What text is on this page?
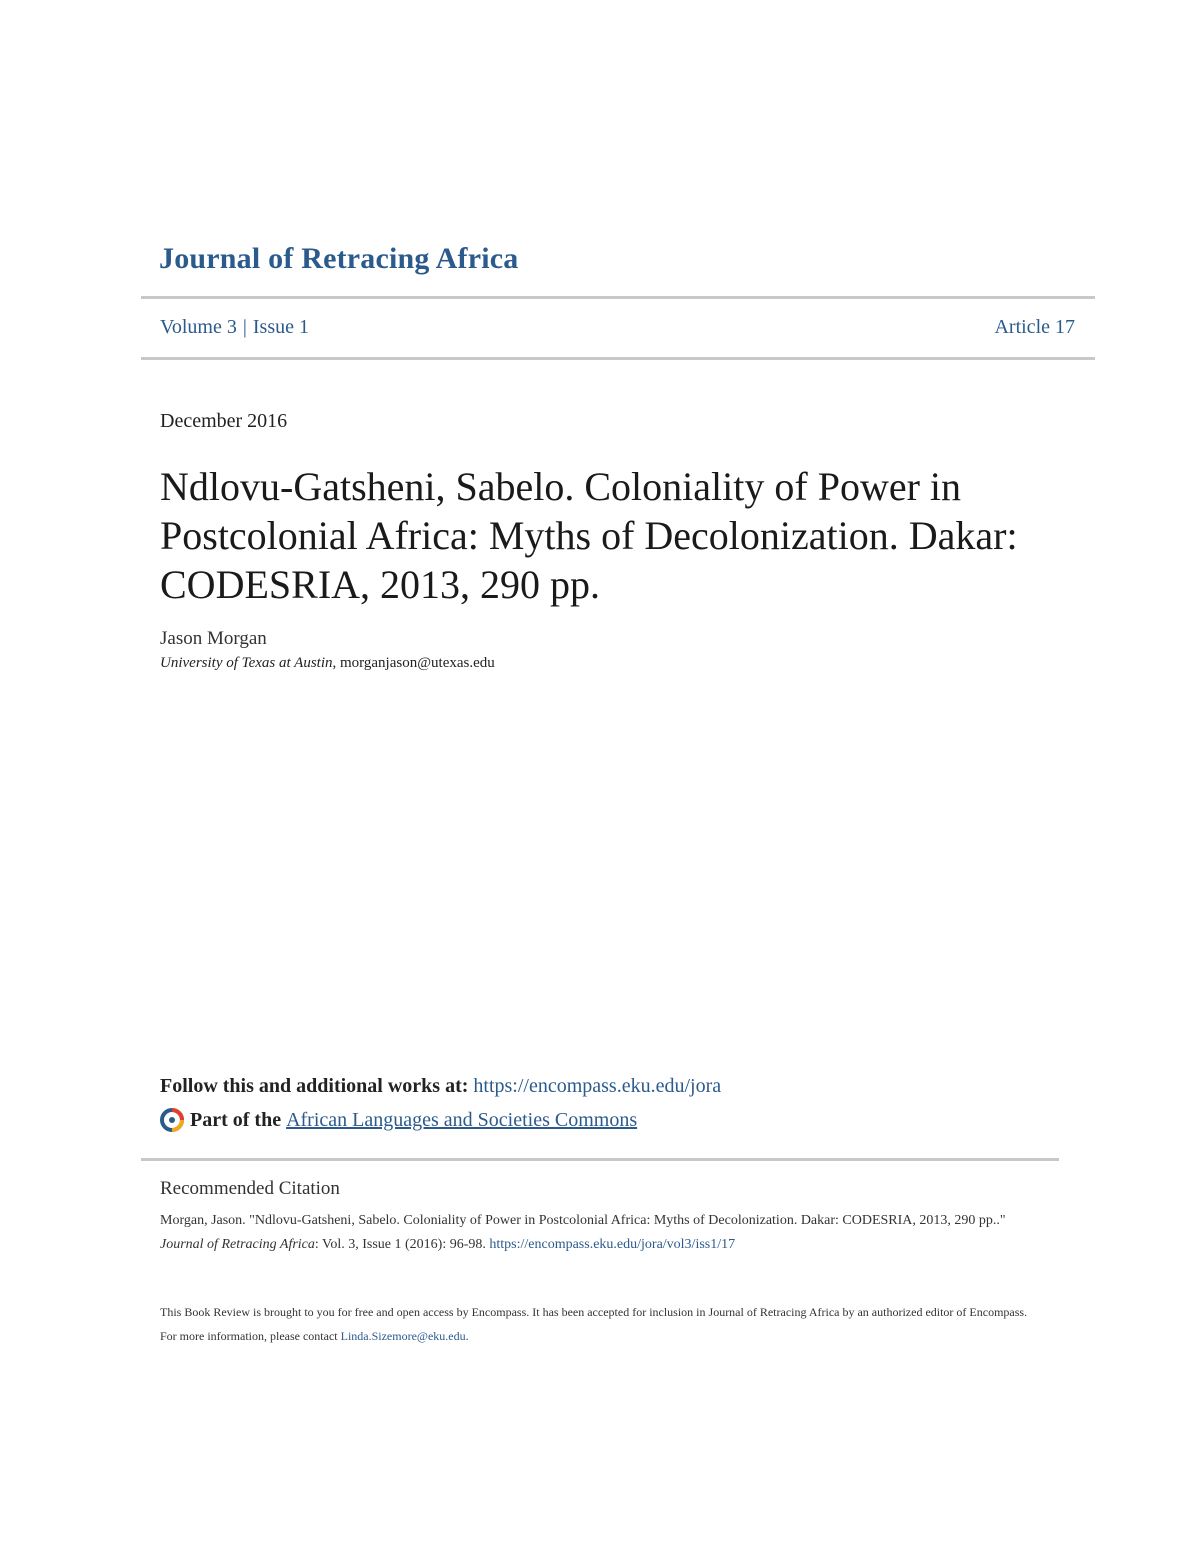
Journal of Retracing Africa
Volume 3 | Issue 1	Article 17
December 2016
Ndlovu-Gatsheni, Sabelo. Coloniality of Power in Postcolonial Africa: Myths of Decolonization. Dakar: CODESRIA, 2013, 290 pp.
Jason Morgan
University of Texas at Austin, morganjason@utexas.edu
Follow this and additional works at: https://encompass.eku.edu/jora
Part of the African Languages and Societies Commons
Recommended Citation
Morgan, Jason. "Ndlovu-Gatsheni, Sabelo. Coloniality of Power in Postcolonial Africa: Myths of Decolonization. Dakar: CODESRIA, 2013, 290 pp.." Journal of Retracing Africa: Vol. 3, Issue 1 (2016): 96-98. https://encompass.eku.edu/jora/vol3/iss1/17
This Book Review is brought to you for free and open access by Encompass. It has been accepted for inclusion in Journal of Retracing Africa by an authorized editor of Encompass. For more information, please contact Linda.Sizemore@eku.edu.
